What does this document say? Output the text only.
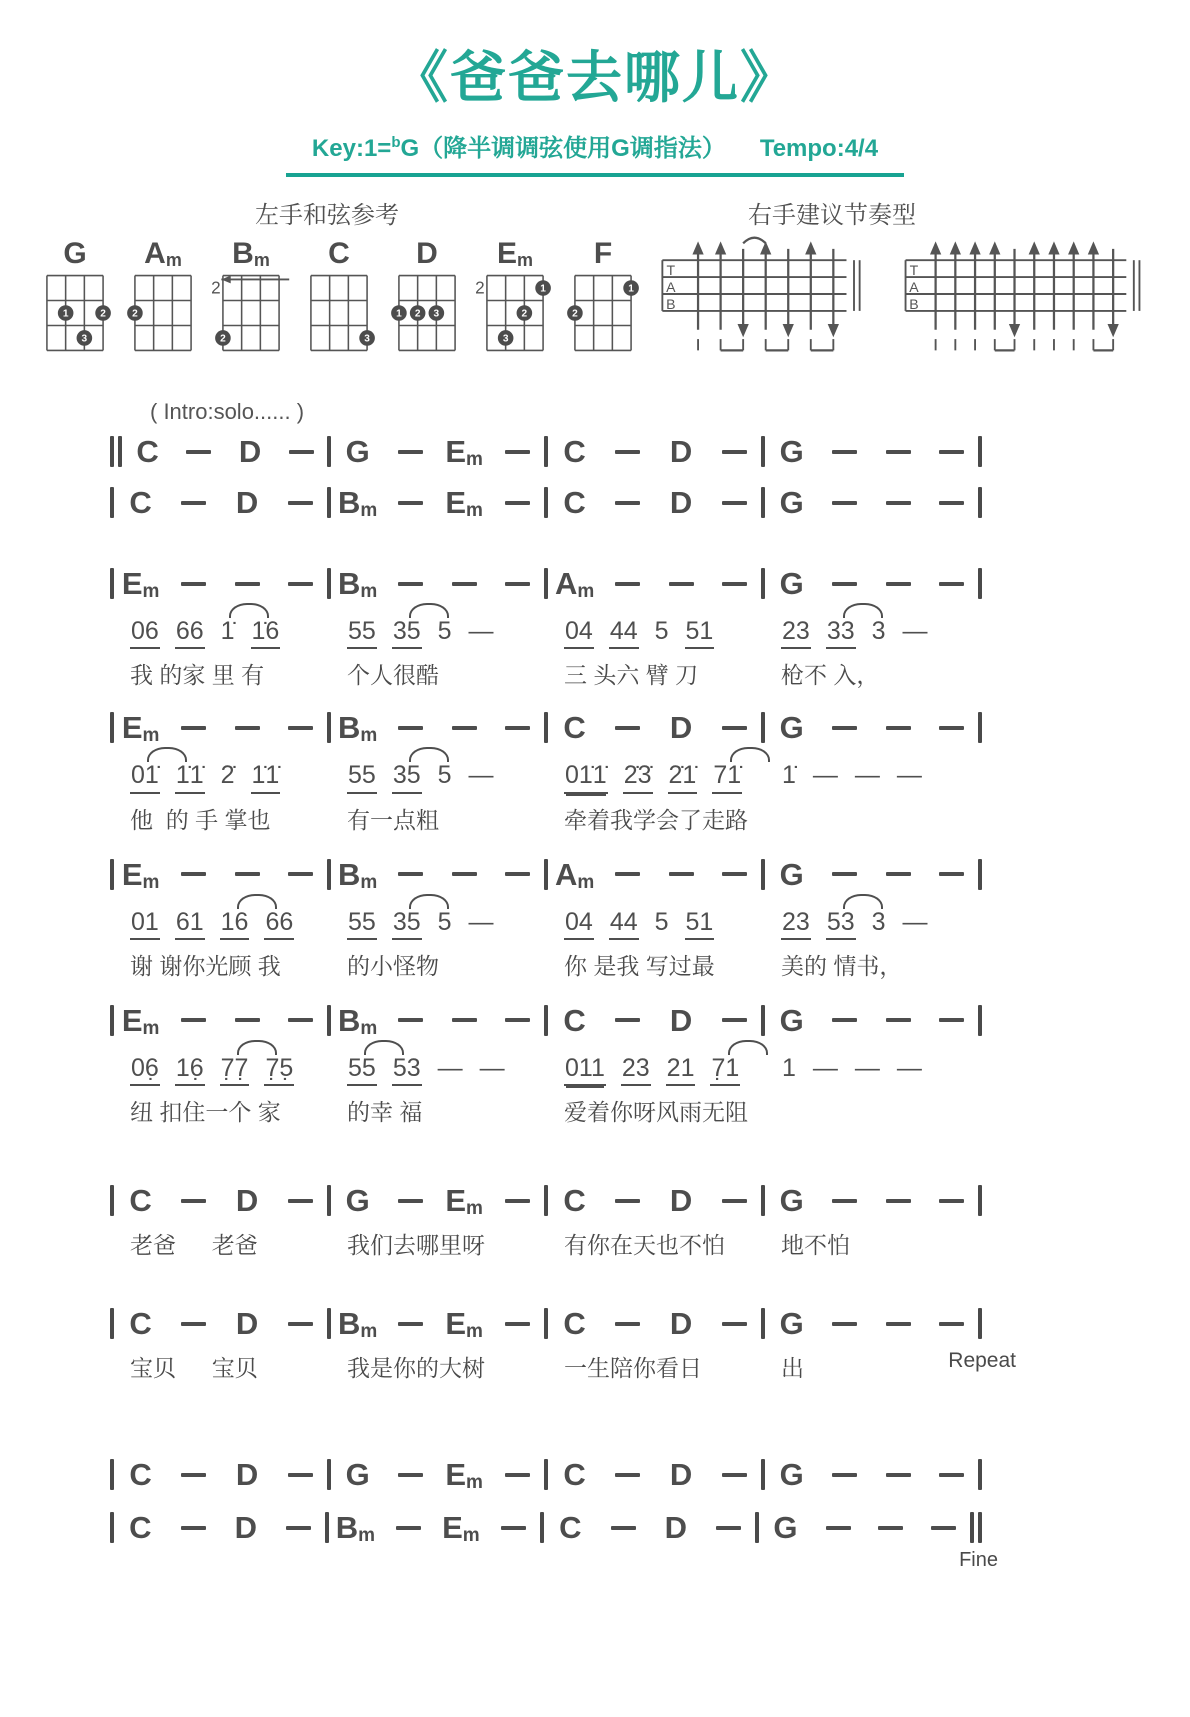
《爸爸去哪儿》
Key:1=$^b$G（降半调调弦使用G调指法） Tempo:4/4
左手和弦参考
G
1 2
3
Am
2
Bm
2
2
C
3
D
1 2 3
Em
2	1
2
3
F
1
2
右手建议节奏型
T
A
B
T
A
B
( Intro:solo...... )
C	D	G Em	C	D	G
C	D	Bm Em	C	D	G
Em
06 66 1̇ 1̇6
我 的家 里 有
Bm
55 35 5 —
个人很酷
Am
04 44 5 51
三 头六 臂 刀
G
23 33 3 —
枪不 入，
Em
01̇ 1̇1̇ 2̇ 1̇1̇
他  的 手 掌也
Bm
55 35 5 —
有一点粗
C	D
01̇1̇ 2̇3̇ 2̇1̇ 71̇
牵着我学会了走路
G
1̇ — — —
Em
01 61 16 66
谢 谢你光顾 我
Bm
55 35 5 —
的小怪物
Am
04 44 5 51
你 是我 写过最
G
23 53 3 —
美的 情书，
Em
06̣ 16̣ 7̣7̣ 7̣5̣
纽 扣住一个 家
Bm
55 53 — —
的幸 福
C	D
011 23 21 7̣1
爱着你呀风雨无阻
G
1 — — —
C	D
老爸　  老爸
G Em
我们去哪里呀
C	D
有你在天也不怕
G
地不怕
C	D
宝贝　  宝贝
Bm Em
我是你的大树
C	D
一生陪你看日
G
出	Repeat
C	D	G Em	C	D	G
C	D	Bm Em	C	D	G
Fine
